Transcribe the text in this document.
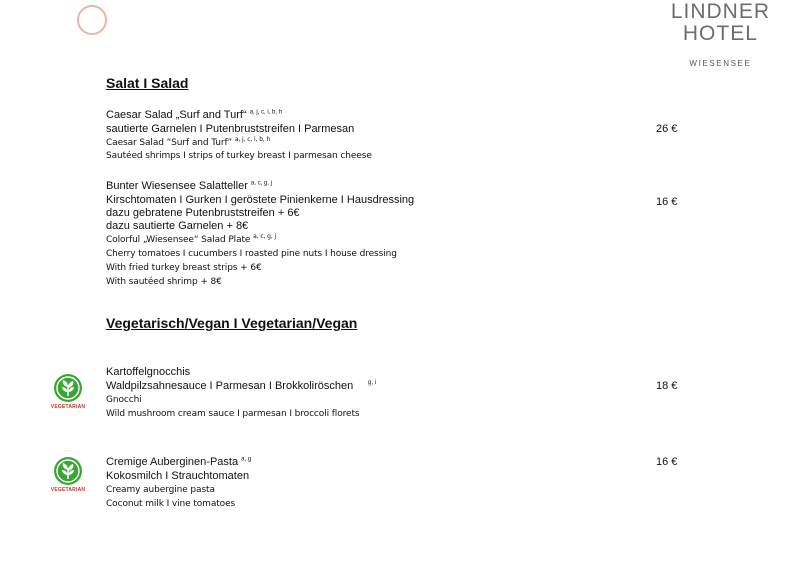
LINDNER
HOTEL
WIESENSEE
Salat I Salad
Caesar Salad „Surf and Turf“ $^{a, j, c, i, b, h}$
sautierte Garnelen I Putenbruststreifen I Parmesan
Caesar Salad “Surf and Turf” $^{a, j, c, i, b, h}$
Sautéed shrimps I strips of turkey breast I parmesan cheese
26 €
Bunter Wiesensee Salatteller $^{a, c, g, j}$
Kirschtomaten I Gurken I geröstete Pinienkerne I Hausdressing
dazu gebratene Putenbruststreifen + 6€
dazu sautierte Garnelen + 8€
Colorful „Wiesensee“ Salad Plate $^{a, c, g, j}$
Cherry tomatoes I cucumbers I roasted pine nuts I house dressing
With fried turkey breast strips + 6€
With sautéed shrimp + 8€
16 €
Vegetarisch/Vegan I Vegetarian/Vegan
VEGETARIAN
Kartoffelgnocchis
Waldpilzsahnesauce I Parmesan I Brokkoliröschen
Gnocchi
Wild mushroom cream sauce I parmesan I broccoli florets
g, i	18 €
VEGETARIAN
Cremige Auberginen-Pasta $^{a, g}$
Kokosmilch I Strauchtomaten
Creamy aubergine pasta
Coconut milk I vine tomatoes
16 €
